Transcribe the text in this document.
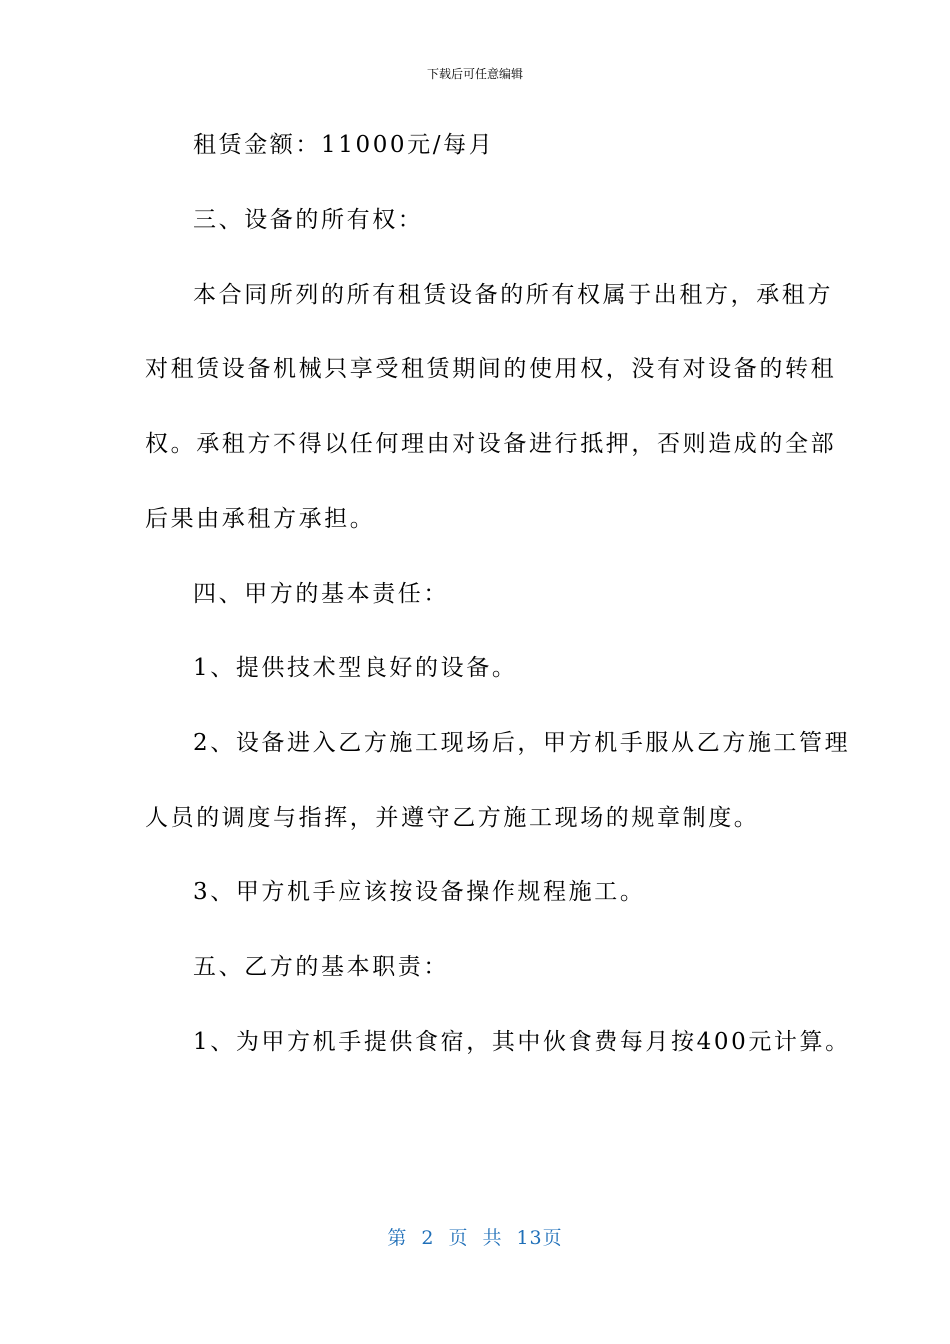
下载后可任意编辑
租赁金额：11000元/每月
三、设备的所有权：
本合同所列的所有租赁设备的所有权属于出租方，承租方
对租赁设备机械只享受租赁期间的使用权，没有对设备的转租
权。承租方不得以任何理由对设备进行抵押，否则造成的全部
后果由承租方承担。
四、甲方的基本责任：
1、提供技术型良好的设备。
2、设备进入乙方施工现场后，甲方机手服从乙方施工管理
人员的调度与指挥，并遵守乙方施工现场的规章制度。
3、甲方机手应该按设备操作规程施工。
五、乙方的基本职责：
1、为甲方机手提供食宿，其中伙食费每月按400元计算。
第 2 页 共 13页
